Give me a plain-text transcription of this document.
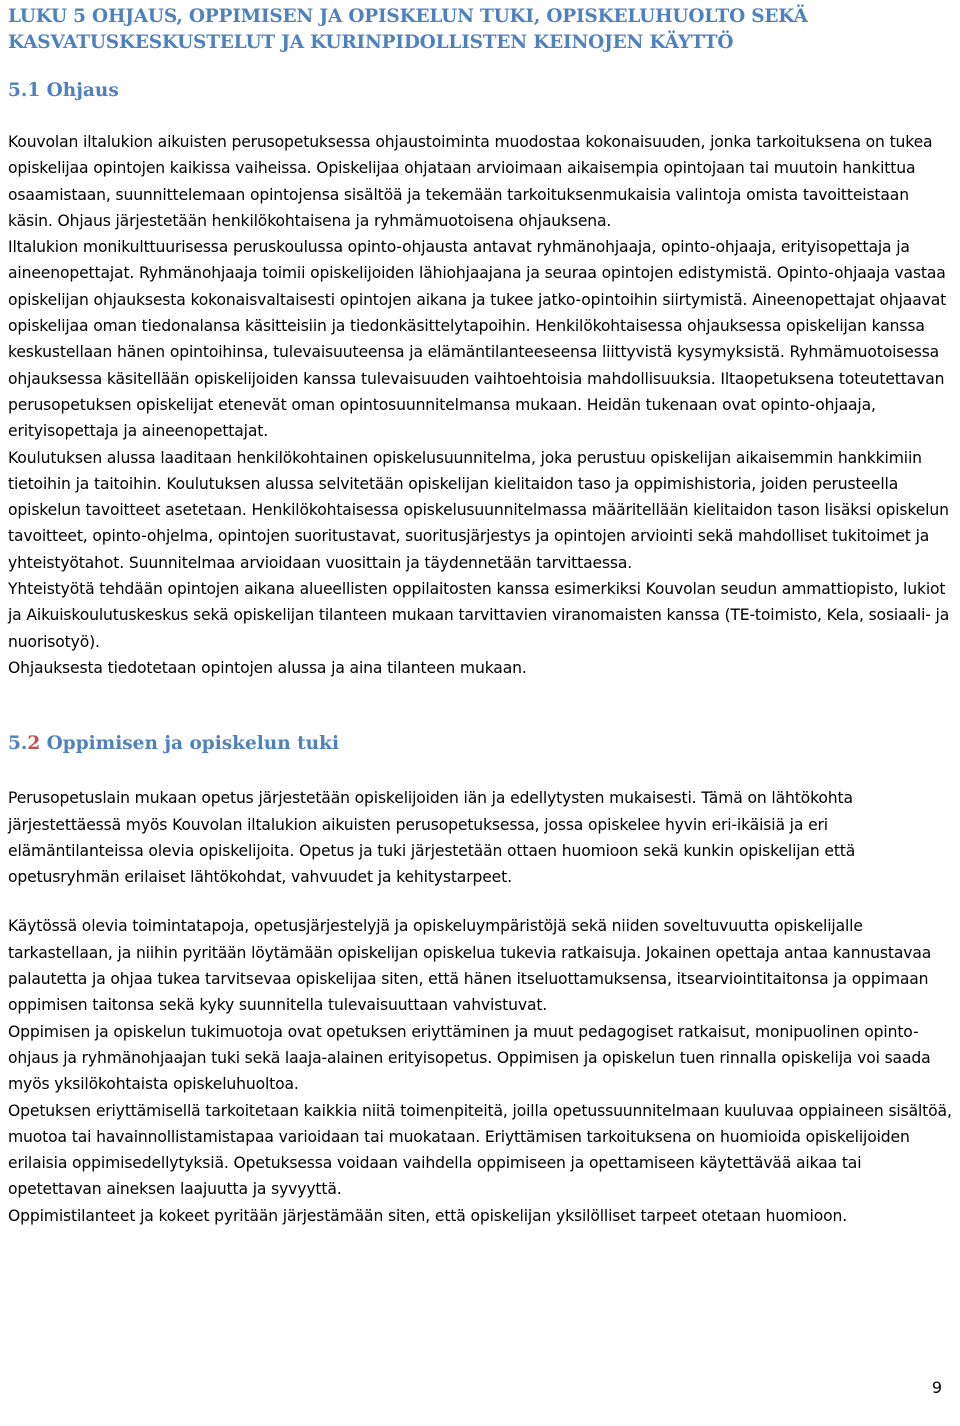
LUKU 5 OHJAUS, OPPIMISEN JA OPISKELUN TUKI, OPISKELUHUOLTO SEKÄ
KASVATUSKESKUSTELUT JA KURINPIDOLLISTEN KEINOJEN KÄYTTÖ
5.1 Ohjaus

Kouvolan iltalukion aikuisten perusopetuksessa ohjaustoiminta muodostaa kokonaisuuden, jonka tarkoituksena on tukea opiskelijaa opintojen kaikissa vaiheissa. Opiskelijaa ohjataan arvioimaan aikaisempia opintojaan tai muutoin hankittua osaamistaan, suunnittelemaan opintojensa sisältöä ja tekemään tarkoituksenmukaisia valintoja omista tavoitteistaan käsin. Ohjaus järjestetään henkilökohtaisena ja ryhmämuotoisena ohjauksena.

Iltalukion monikulttuurisessa peruskoulussa opinto-ohjausta antavat ryhmänohjaaja, opinto-ohjaaja, erityisopettaja ja aineenopettajat. Ryhmänohjaaja toimii opiskelijoiden lähiohjaajana ja seuraa opintojen edistymistä. Opinto-ohjaaja vastaa opiskelijan ohjauksesta kokonaisvaltaisesti opintojen aikana ja tukee jatko-opintoihin siirtymistä. Aineenopettajat ohjaavat opiskelijaa oman tiedonalansa käsitteisiin ja tiedonkäsittelytapoihin. Henkilökohtaisessa ohjauksessa opiskelijan kanssa keskustellaan hänen opintoihinsa, tulevaisuuteensa ja elämäntilanteeseensa liittyvistä kysymyksistä. Ryhmämuotoisessa ohjauksessa käsitellään opiskelijoiden kanssa tulevaisuuden vaihtoehtoisia mahdollisuuksia. Iltaopetuksena toteutettavan perusopetuksen opiskelijat etenevät oman opintosuunnitelmansa mukaan. Heidän tukenaan ovat opinto-ohjaaja, erityisopettaja ja aineenopettajat.

Koulutuksen alussa laaditaan henkilökohtainen opiskelusuunnitelma, joka perustuu opiskelijan aikaisemmin hankkimiin tietoihin ja taitoihin. Koulutuksen alussa selvitetään opiskelijan kielitaidon taso ja oppimishistoria, joiden perusteella opiskelun tavoitteet asetetaan. Henkilökohtaisessa opiskelusuunnitelmassa määritellään kielitaidon tason lisäksi opiskelun tavoitteet, opinto-ohjelma, opintojen suoritustavat, suoritusjärjestys ja opintojen arviointi sekä mahdolliset tukitoimet ja yhteistyötahot. Suunnitelmaa arvioidaan vuosittain ja täydennetään tarvittaessa.

Yhteistyötä tehdään opintojen aikana alueellisten oppilaitosten kanssa esimerkiksi Kouvolan seudun ammattiopisto, lukiot ja Aikuiskoulutuskeskus sekä opiskelijan tilanteen mukaan tarvittavien viranomaisten kanssa (TE-toimisto, Kela, sosiaali- ja nuorisotyö).

Ohjauksesta tiedotetaan opintojen alussa ja aina tilanteen mukaan.

5.2 Oppimisen ja opiskelun tuki

Perusopetuslain mukaan opetus järjestetään opiskelijoiden iän ja edellytysten mukaisesti. Tämä on lähtökohta järjestettäessä myös Kouvolan iltalukion aikuisten perusopetuksessa, jossa opiskelee hyvin eri-ikäisiä ja eri elämäntilanteissa olevia opiskelijoita. Opetus ja tuki järjestetään ottaen huomioon sekä kunkin opiskelijan että opetusryhmän erilaiset lähtökohdat, vahvuudet ja kehitystarpeet.

Käytössä olevia toimintatapoja, opetusjärjestelyjä ja opiskeluympäristöjä sekä niiden soveltuvuutta opiskelijalle tarkastellaan, ja niihin pyritään löytämään opiskelijan opiskelua tukevia ratkaisuja. Jokainen opettaja antaa kannustavaa palautetta ja ohjaa tukea tarvitsevaa opiskelijaa siten, että hänen itseluottamuksensa, itsearviointitaitonsa ja oppimaan oppimisen taitonsa sekä kyky suunnitella tulevaisuuttaan vahvistuvat.

Oppimisen ja opiskelun tukimuotoja ovat opetuksen eriyttäminen ja muut pedagogiset ratkaisut, monipuolinen opinto-ohjaus ja ryhmänohjaajan tuki sekä laaja-alainen erityisopetus. Oppimisen ja opiskelun tuen rinnalla opiskelija voi saada myös yksilökohtaista opiskeluhuoltoa.

Opetuksen eriyttämisellä tarkoitetaan kaikkia niitä toimenpiteitä, joilla opetussuunnitelmaan kuuluvaa oppiaineen sisältöä, muotoa tai havainnollistamistapaa varioidaan tai muokataan. Eriyttämisen tarkoituksena on huomioida opiskelijoiden erilaisia oppimisedellytyksiä. Opetuksessa voidaan vaihdella oppimiseen ja opettamiseen käytettävää aikaa tai opetettavan aineksen laajuutta ja syvyyttä.

Oppimistilanteet ja kokeet pyritään järjestämään siten, että opiskelijan yksilölliset tarpeet otetaan huomioon.

9
